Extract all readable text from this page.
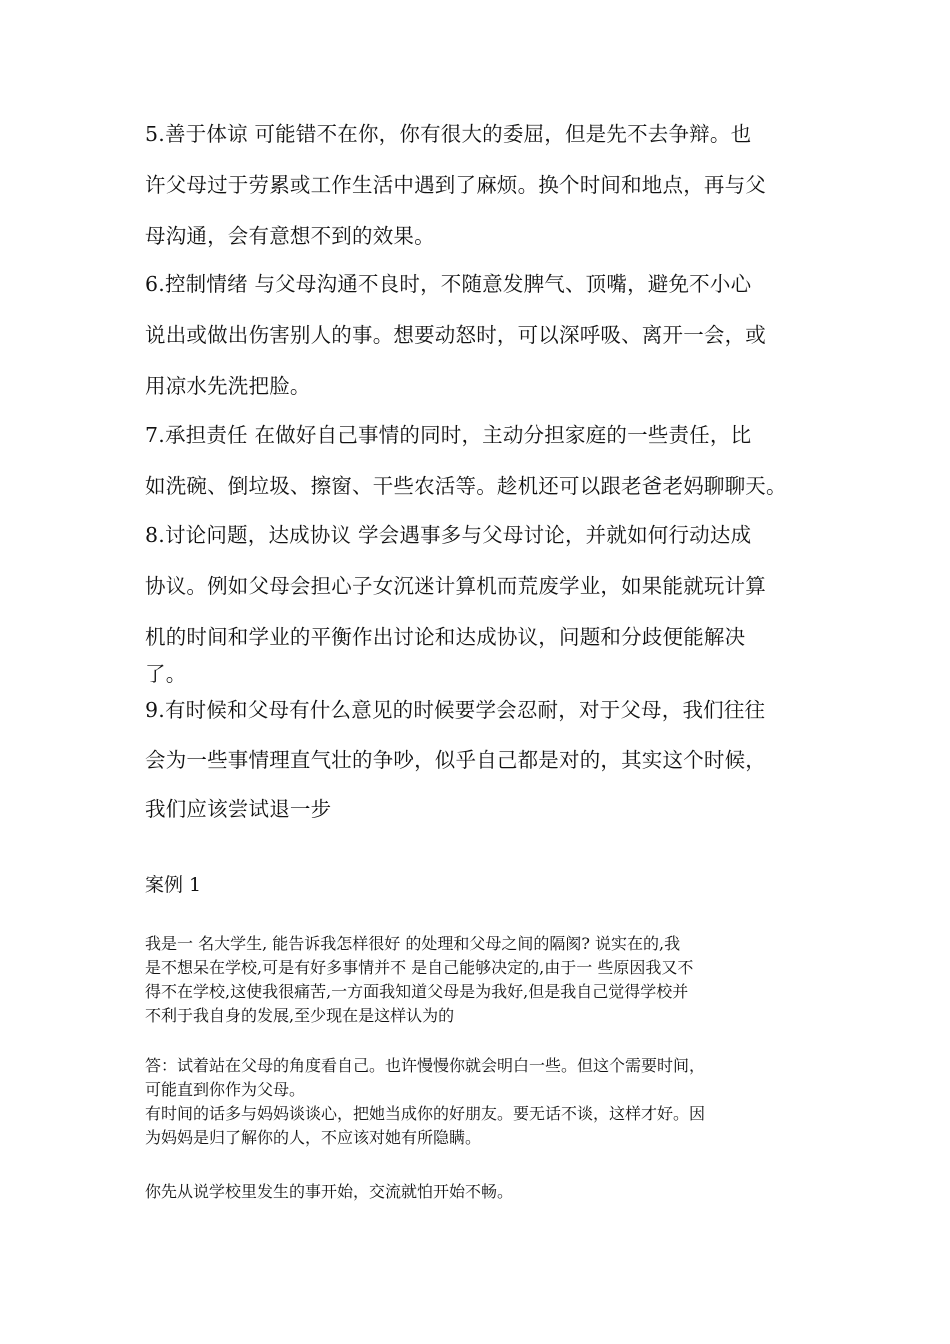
5.善于体谅 可能错不在你，你有很大的委屈，但是先不去争辩。也

许父母过于劳累或工作生活中遇到了麻烦。换个时间和地点，再与父

母沟通，会有意想不到的效果。

6.控制情绪 与父母沟通不良时，不随意发脾气、顶嘴，避免不小心

说出或做出伤害别人的事。想要动怒时，可以深呼吸、离开一会，或

用凉水先洗把脸。

7.承担责任 在做好自己事情的同时，主动分担家庭的一些责任，比

如洗碗、倒垃圾、擦窗、干些农活等。趁机还可以跟老爸老妈聊聊天。

8.讨论问题，达成协议 学会遇事多与父母讨论，并就如何行动达成

协议。例如父母会担心子女沉迷计算机而荒废学业，如果能就玩计算

机的时间和学业的平衡作出讨论和达成协议，问题和分歧便能解决

了。

9.有时候和父母有什么意见的时候要学会忍耐，对于父母，我们往往

会为一些事情理直气壮的争吵，似乎自己都是对的，其实这个时候，

我们应该尝试退一步

案例 1

我是一 名大学生, 能告诉我怎样很好 的处理和父母之间的隔阂? 说实在的,我

是不想呆在学校,可是有好多事情并不 是自己能够决定的,由于一 些原因我又不

得不在学校,这使我很痛苦,一方面我知道父母是为我好,但是我自己觉得学校并

不利于我自身的发展,至少现在是这样认为的

答：试着站在父母的角度看自己。也许慢慢你就会明白一些。但这个需要时间，

可能直到你作为父母。

有时间的话多与妈妈谈谈心，把她当成你的好朋友。要无话不谈，这样才好。因

为妈妈是归了解你的人，不应该对她有所隐瞒。

你先从说学校里发生的事开始，交流就怕开始不畅。
